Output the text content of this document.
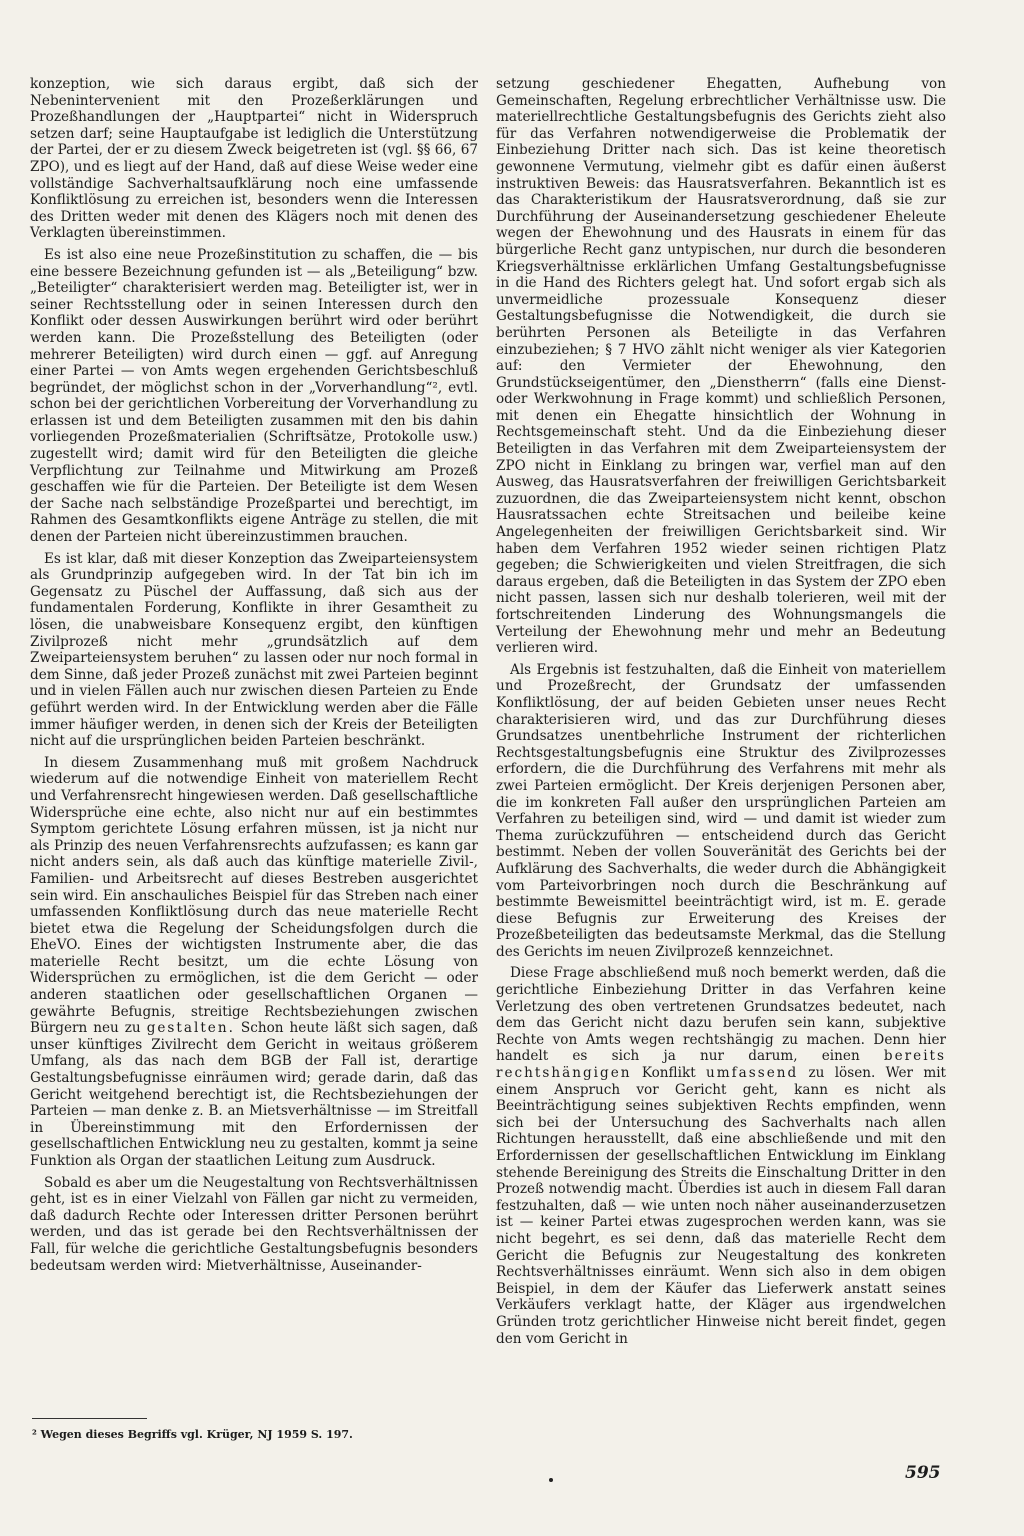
konzeption, wie sich daraus ergibt, daß sich der Nebenintervenient mit den Prozeßerklärungen und Prozeßhandlungen der „Hauptpartei“ nicht in Widerspruch setzen darf; seine Hauptaufgabe ist lediglich die Unterstützung der Partei, der er zu diesem Zweck beigetreten ist (vgl. §§ 66, 67 ZPO), und es liegt auf der Hand, daß auf diese Weise weder eine vollständige Sachverhaltsaufklärung noch eine umfassende Konfliktlösung zu erreichen ist, besonders wenn die Interessen des Dritten weder mit denen des Klägers noch mit denen des Verklagten übereinstimmen.

Es ist also eine neue Prozeßinstitution zu schaffen, die — bis eine bessere Bezeichnung gefunden ist — als „Beteiligung“ bzw. „Beteiligter“ charakterisiert werden mag. Beteiligter ist, wer in seiner Rechtsstellung oder in seinen Interessen durch den Konflikt oder dessen Auswirkungen berührt wird oder berührt werden kann. Die Prozeßstellung des Beteiligten (oder mehrerer Beteiligten) wird durch einen — ggf. auf Anregung einer Partei — von Amts wegen ergehenden Gerichtsbeschluß begründet, der möglichst schon in der „Vorverhandlung“², evtl. schon bei der gerichtlichen Vorbereitung der Vorverhandlung zu erlassen ist und dem Beteiligten zusammen mit den bis dahin vorliegenden Prozeßmaterialien (Schriftsätze, Protokolle usw.) zugestellt wird; damit wird für den Beteiligten die gleiche Verpflichtung zur Teilnahme und Mitwirkung am Prozeß geschaffen wie für die Parteien. Der Beteiligte ist dem Wesen der Sache nach selbständige Prozeßpartei und berechtigt, im Rahmen des Gesamtkonflikts eigene Anträge zu stellen, die mit denen der Parteien nicht übereinzustimmen brauchen.

Es ist klar, daß mit dieser Konzeption das Zweiparteiensystem als Grundprinzip aufgegeben wird. In der Tat bin ich im Gegensatz zu Püschel der Auffassung, daß sich aus der fundamentalen Forderung, Konflikte in ihrer Gesamtheit zu lösen, die unabweisbare Konsequenz ergibt, den künftigen Zivilprozeß nicht mehr „grundsätzlich auf dem Zweiparteiensystem beruhen“ zu lassen oder nur noch formal in dem Sinne, daß jeder Prozeß zunächst mit zwei Parteien beginnt und in vielen Fällen auch nur zwischen diesen Parteien zu Ende geführt werden wird. In der Entwicklung werden aber die Fälle immer häufiger werden, in denen sich der Kreis der Beteiligten nicht auf die ursprünglichen beiden Parteien beschränkt.

In diesem Zusammenhang muß mit großem Nachdruck wiederum auf die notwendige Einheit von materiellem Recht und Verfahrensrecht hingewiesen werden. Daß gesellschaftliche Widersprüche eine echte, also nicht nur auf ein bestimmtes Symptom gerichtete Lösung erfahren müssen, ist ja nicht nur als Prinzip des neuen Verfahrensrechts aufzufassen; es kann gar nicht anders sein, als daß auch das künftige materielle Zivil-, Familien- und Arbeitsrecht auf dieses Bestreben ausgerichtet sein wird. Ein anschauliches Beispiel für das Streben nach einer umfassenden Konfliktlösung durch das neue materielle Recht bietet etwa die Regelung der Scheidungsfolgen durch die EheVO. Eines der wichtigsten Instrumente aber, die das materielle Recht besitzt, um die echte Lösung von Widersprüchen zu ermöglichen, ist die dem Gericht — oder anderen staatlichen oder gesellschaftlichen Organen — gewährte Befugnis, streitige Rechtsbeziehungen zwischen Bürgern neu zu gestalten. Schon heute läßt sich sagen, daß unser künftiges Zivilrecht dem Gericht in weitaus größerem Umfang, als das nach dem BGB der Fall ist, derartige Gestaltungsbefugnisse einräumen wird; gerade darin, daß das Gericht weitgehend berechtigt ist, die Rechtsbeziehungen der Parteien — man denke z. B. an Mietsverhältnisse — im Streitfall in Übereinstimmung mit den Erfordernissen der gesellschaftlichen Entwicklung neu zu gestalten, kommt ja seine Funktion als Organ der staatlichen Leitung zum Ausdruck.

Sobald es aber um die Neugestaltung von Rechtsverhältnissen geht, ist es in einer Vielzahl von Fällen gar nicht zu vermeiden, daß dadurch Rechte oder Interessen dritter Personen berührt werden, und das ist gerade bei den Rechtsverhältnissen der Fall, für welche die gerichtliche Gestaltungsbefugnis besonders bedeutsam werden wird: Mietverhältnisse, Auseinander-

setzung geschiedener Ehegatten, Aufhebung von Gemeinschaften, Regelung erbrechtlicher Verhältnisse usw. Die materiellrechtliche Gestaltungsbefugnis des Gerichts zieht also für das Verfahren notwendigerweise die Problematik der Einbeziehung Dritter nach sich. Das ist keine theoretisch gewonnene Vermutung, vielmehr gibt es dafür einen äußerst instruktiven Beweis: das Hausratsverfahren. Bekanntlich ist es das Charakteristikum der Hausratsverordnung, daß sie zur Durchführung der Auseinandersetzung geschiedener Eheleute wegen der Ehewohnung und des Hausrats in einem für das bürgerliche Recht ganz untypischen, nur durch die besonderen Kriegsverhältnisse erklärlichen Umfang Gestaltungsbefugnisse in die Hand des Richters gelegt hat. Und sofort ergab sich als unvermeidliche prozessuale Konsequenz dieser Gestaltungsbefugnisse die Notwendigkeit, die durch sie berührten Personen als Beteiligte in das Verfahren einzubeziehen; § 7 HVO zählt nicht weniger als vier Kategorien auf: den Vermieter der Ehewohnung, den Grundstückseigentümer, den „Dienstherrn“ (falls eine Dienst- oder Werkwohnung in Frage kommt) und schließlich Personen, mit denen ein Ehegatte hinsichtlich der Wohnung in Rechtsgemeinschaft steht. Und da die Einbeziehung dieser Beteiligten in das Verfahren mit dem Zweiparteiensystem der ZPO nicht in Einklang zu bringen war, verfiel man auf den Ausweg, das Hausratsverfahren der freiwilligen Gerichtsbarkeit zuzuordnen, die das Zweiparteiensystem nicht kennt, obschon Hausratssachen echte Streitsachen und beileibe keine Angelegenheiten der freiwilligen Gerichtsbarkeit sind. Wir haben dem Verfahren 1952 wieder seinen richtigen Platz gegeben; die Schwierigkeiten und vielen Streitfragen, die sich daraus ergeben, daß die Beteiligten in das System der ZPO eben nicht passen, lassen sich nur deshalb tolerieren, weil mit der fortschreitenden Linderung des Wohnungsmangels die Verteilung der Ehewohnung mehr und mehr an Bedeutung verlieren wird.

Als Ergebnis ist festzuhalten, daß die Einheit von materiellem und Prozeßrecht, der Grundsatz der umfassenden Konfliktlösung, der auf beiden Gebieten unser neues Recht charakterisieren wird, und das zur Durchführung dieses Grundsatzes unentbehrliche Instrument der richterlichen Rechtsgestaltungsbefugnis eine Struktur des Zivilprozesses erfordern, die die Durchführung des Verfahrens mit mehr als zwei Parteien ermöglicht. Der Kreis derjenigen Personen aber, die im konkreten Fall außer den ursprünglichen Parteien am Verfahren zu beteiligen sind, wird — und damit ist wieder zum Thema zurückzuführen — entscheidend durch das Gericht bestimmt. Neben der vollen Souveränität des Gerichts bei der Aufklärung des Sachverhalts, die weder durch die Abhängigkeit vom Parteivorbringen noch durch die Beschränkung auf bestimmte Beweismittel beeinträchtigt wird, ist m. E. gerade diese Befugnis zur Erweiterung des Kreises der Prozeßbeteiligten das bedeutsamste Merkmal, das die Stellung des Gerichts im neuen Zivilprozeß kennzeichnet.

Diese Frage abschließend muß noch bemerkt werden, daß die gerichtliche Einbeziehung Dritter in das Verfahren keine Verletzung des oben vertretenen Grundsatzes bedeutet, nach dem das Gericht nicht dazu berufen sein kann, subjektive Rechte von Amts wegen rechtshängig zu machen. Denn hier handelt es sich ja nur darum, einen bereits rechtshängigen Konflikt umfassend zu lösen. Wer mit einem Anspruch vor Gericht geht, kann es nicht als Beeinträchtigung seines subjektiven Rechts empfinden, wenn sich bei der Untersuchung des Sachverhalts nach allen Richtungen herausstellt, daß eine abschließende und mit den Erfordernissen der gesellschaftlichen Entwicklung im Einklang stehende Bereinigung des Streits die Einschaltung Dritter in den Prozeß notwendig macht. Überdies ist auch in diesem Fall daran festzuhalten, daß — wie unten noch näher auseinanderzusetzen ist — keiner Partei etwas zugesprochen werden kann, was sie nicht begehrt, es sei denn, daß das materielle Recht dem Gericht die Befugnis zur Neugestaltung des konkreten Rechtsverhältnisses einräumt. Wenn sich also in dem obigen Beispiel, in dem der Käufer das Lieferwerk anstatt seines Verkäufers verklagt hatte, der Kläger aus irgendwelchen Gründen trotz gerichtlicher Hinweise nicht bereit findet, gegen den vom Gericht in

² Wegen dieses Begriffs vgl. Krüger, NJ 1959 S. 197.
595
